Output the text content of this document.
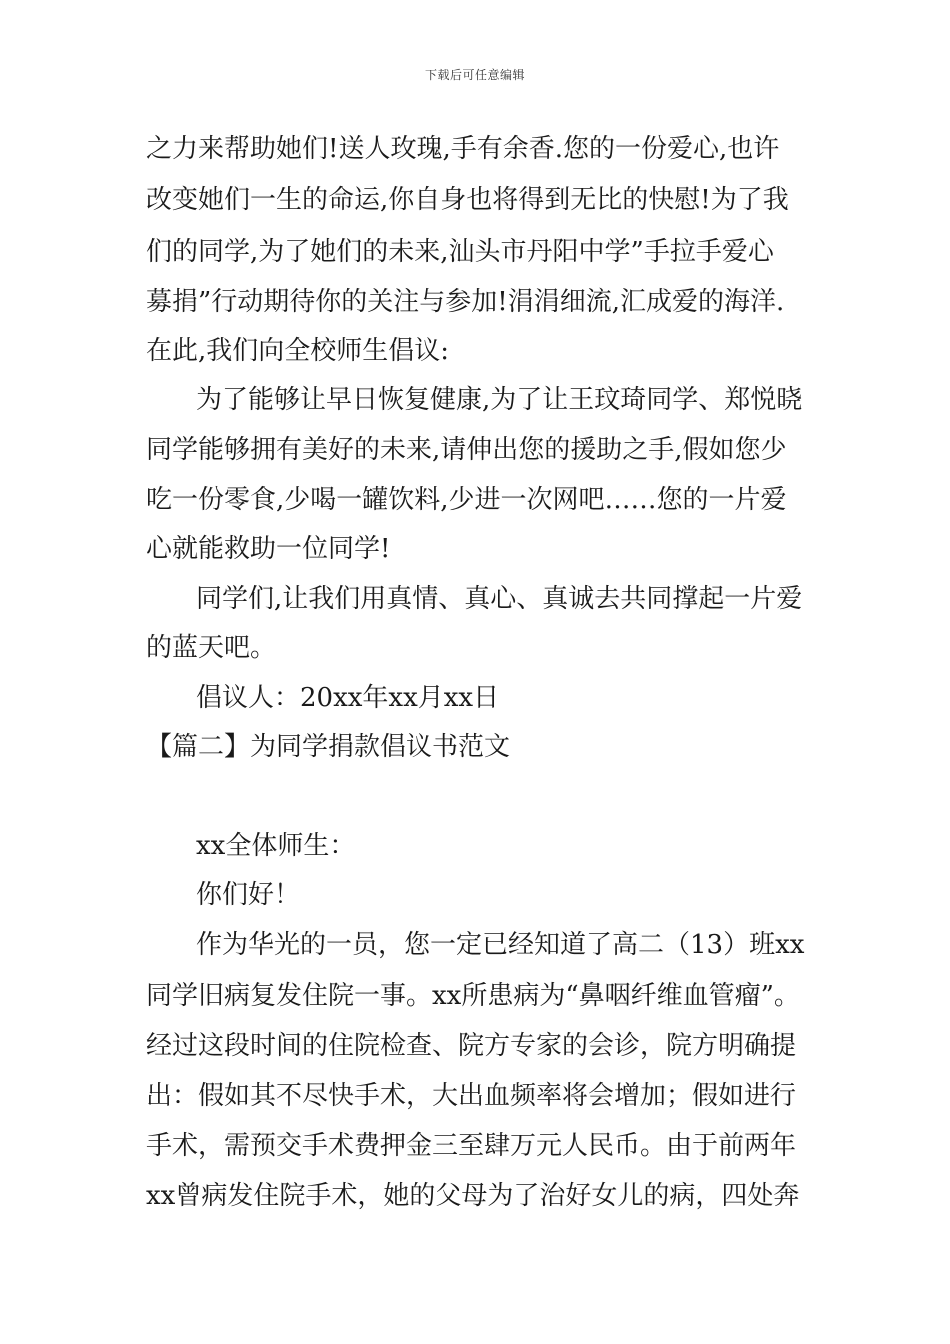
下载后可任意编辑
之力来帮助她们!送人玫瑰,手有余香.您的一份爱心,也许
改变她们一生的命运,你自身也将得到无比的快慰!为了我
们的同学,为了她们的未来,汕头市丹阳中学”手拉手爱心
募捐”行动期待你的关注与参加!涓涓细流,汇成爱的海洋.
在此,我们向全校师生倡议:
为了能够让早日恢复健康,为了让王玟琦同学、郑悦晓
同学能够拥有美好的未来,请伸出您的援助之手,假如您少
吃一份零食,少喝一罐饮料,少进一次网吧……您的一片爱
心就能救助一位同学!
同学们,让我们用真情、真心、真诚去共同撑起一片爱
的蓝天吧。
倡议人：20xx年xx月xx日
【篇二】为同学捐款倡议书范文
xx全体师生：
你们好！
作为华光的一员，您一定已经知道了高二（13）班xx
同学旧病复发住院一事。xx所患病为“鼻咽纤维血管瘤”。
经过这段时间的住院检查、院方专家的会诊，院方明确提
出：假如其不尽快手术，大出血频率将会增加；假如进行
手术，需预交手术费押金三至肆万元人民币。由于前两年
xx曾病发住院手术，她的父母为了治好女儿的病，四处奔
